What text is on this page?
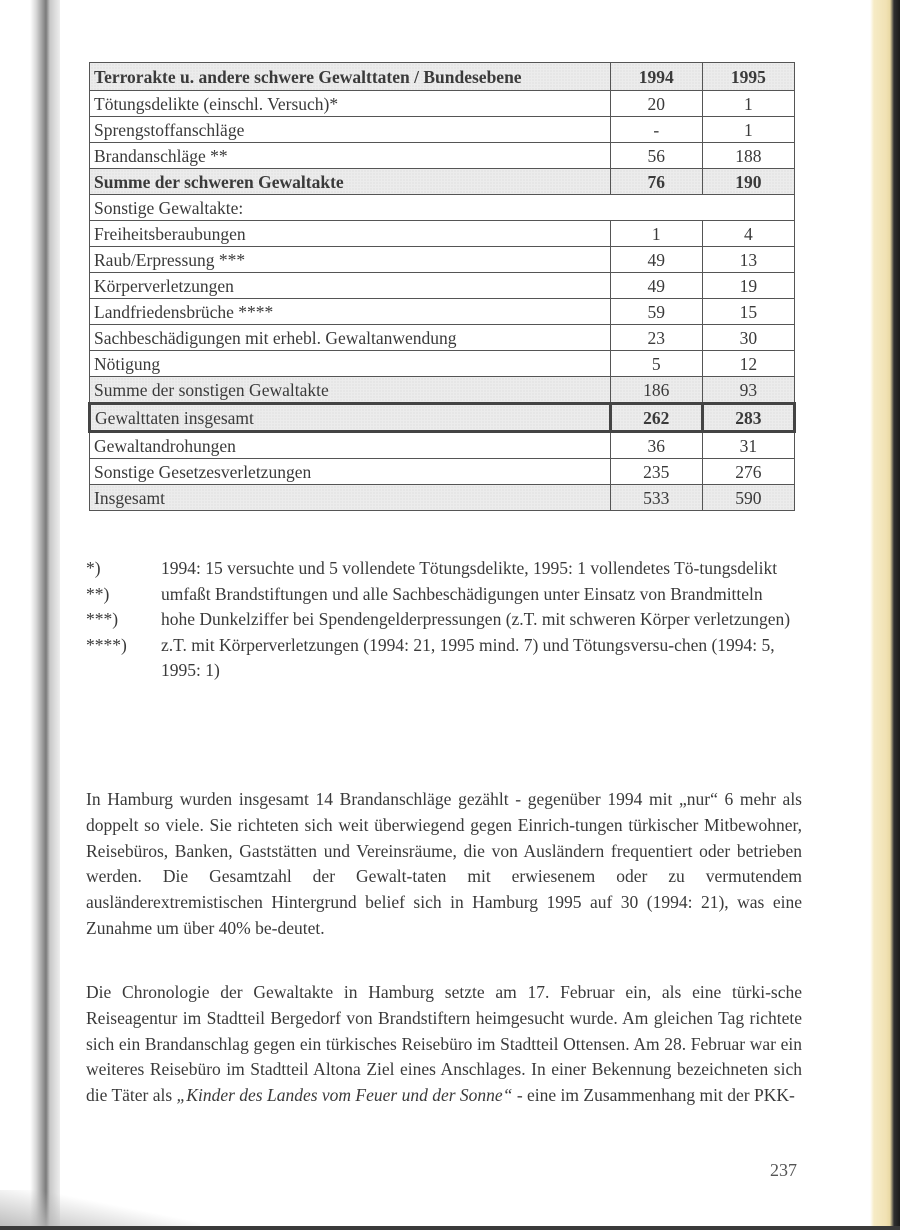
Terrorakte u. andere schwere Gewalttaten / Bundesebene	1994	1995
Tötungsdelikte (einschl. Versuch)*	20	1
Sprengstoffanschläge	-	1
Brandanschläge **	56	188
Summe der schweren Gewaltakte	76	190
Sonstige Gewaltakte:		
Freiheitsberaubungen	1	4
Raub/Erpressung ***	49	13
Körperverletzungen	49	19
Landfriedensbrüche ****	59	15
Sachbeschädigungen mit erhebl. Gewaltanwendung	23	30
Nötigung	5	12
Summe der sonstigen Gewaltakte	186	93
Gewalttaten insgesamt	262	283
Gewaltandrohungen	36	31
Sonstige Gesetzesverletzungen	235	276
Insgesamt	533	590
*)	1994: 15 versuchte und 5 vollendete Tötungsdelikte, 1995: 1 vollendetes Tö-tungsdelikt
**)	umfaßt Brandstiftungen und alle Sachbeschädigungen unter Einsatz von Brandmitteln
***)	hohe Dunkelziffer bei Spendengelderpressungen (z.T. mit schweren Körper verletzungen)
****)	z.T. mit Körperverletzungen (1994: 21, 1995 mind. 7) und Tötungsversu-chen (1994: 5, 1995: 1)

In Hamburg wurden insgesamt 14 Brandanschläge gezählt - gegenüber 1994 mit „nur“ 6 mehr als doppelt so viele. Sie richteten sich weit überwiegend gegen Einrich-tungen türkischer Mitbewohner, Reisebüros, Banken, Gaststätten und Vereinsräume, die von Ausländern frequentiert oder betrieben werden. Die Gesamtzahl der Gewalt-taten mit erwiesenem oder zu vermutendem ausländerextremistischen Hintergrund belief sich in Hamburg 1995 auf 30 (1994: 21), was eine Zunahme um über 40% be-deutet.

Die Chronologie der Gewaltakte in Hamburg setzte am 17. Februar ein, als eine türki-sche Reiseagentur im Stadtteil Bergedorf von Brandstiftern heimgesucht wurde. Am gleichen Tag richtete sich ein Brandanschlag gegen ein türkisches Reisebüro im Stadtteil Ottensen. Am 28. Februar war ein weiteres Reisebüro im Stadtteil Altona Ziel eines Anschlages. In einer Bekennung bezeichneten sich die Täter als „Kinder des Landes vom Feuer und der Sonne“ - eine im Zusammenhang mit der PKK-

237
